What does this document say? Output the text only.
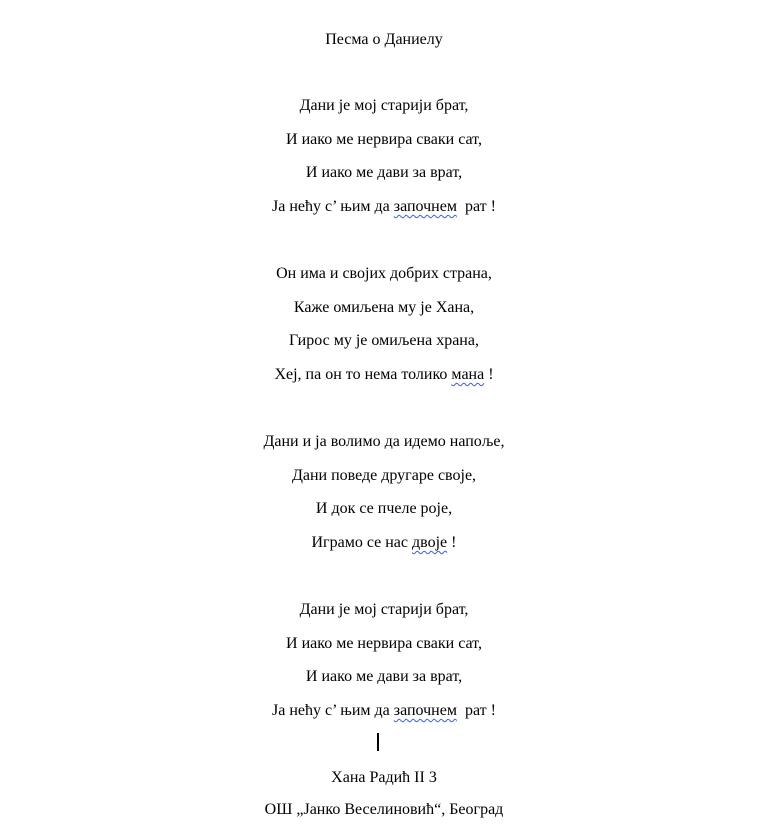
Песма о Даниелу
Дани је мој старији брат,
И иако ме нервира сваки сат,
И иако ме дави за врат,
Ја нећу с’ њим да започнем  рат !
Он има и својих добрих страна,
Каже омиљена му је Хана,
Гирос му је омиљена храна,
Хеј, па он то нема толико мана !
Дани и ја волимо да идемо напоље,
Дани поведе другаре своје,
И док се пчеле роје,
Играмо се нас двоје !
Дани је мој старији брат,
И иако ме нервира сваки сат,
И иако ме дави за врат,
Ја нећу с’ њим да започнем  рат !
Хана Радић II 3
ОШ „Јанко Веселиновић“, Београд
